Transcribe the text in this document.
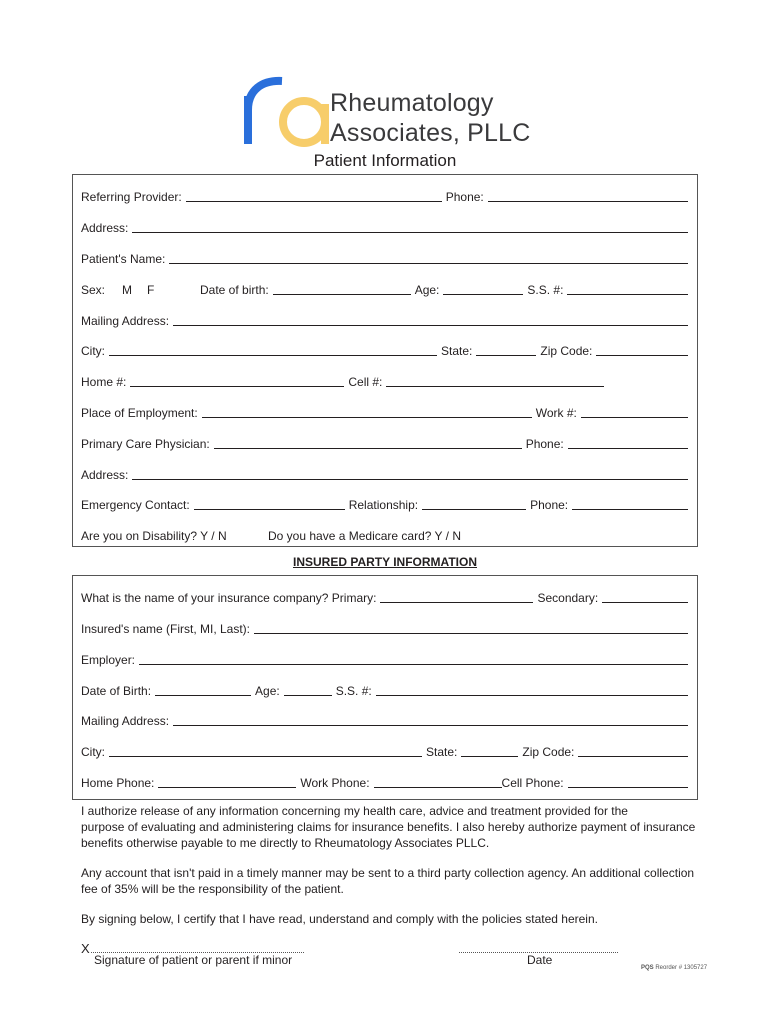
Rheumatology
Associates, PLLC
Patient Information
Referring Provider:	Phone:
Address:
Patient's Name:
Sex:	M	F	Date of birth:	Age:	S.S. #:
Mailing Address:
City:	State:	Zip Code:
Home #:	Cell #:
Place of Employment:	Work #:
Primary Care Physician:	Phone:
Address:
Emergency Contact:	Relationship:	Phone:
Are you on Disability? Y / N	Do you have a Medicare card? Y / N
INSURED PARTY INFORMATION
What is the name of your insurance company? Primary:	Secondary:
Insured's name (First, MI, Last):
Employer:
Date of Birth:	Age:	S.S. #:
Mailing Address:
City:	State:	Zip Code:
Home Phone:	Work Phone:	Cell Phone:
I authorize release of any information concerning my health care, advice and treatment provided for the
purpose of evaluating and administering claims for insurance benefits. I also hereby authorize payment of insurance
benefits otherwise payable to me directly to Rheumatology Associates PLLC.
Any account that isn't paid in a timely manner may be sent to a third party collection agency. An additional collection
fee of 35% will be the responsibility of the patient.
By signing below, I certify that I have read, understand and comply with the policies stated herein.
X
Signature of patient or parent if minor	Date
PQS Reorder # 1305727
